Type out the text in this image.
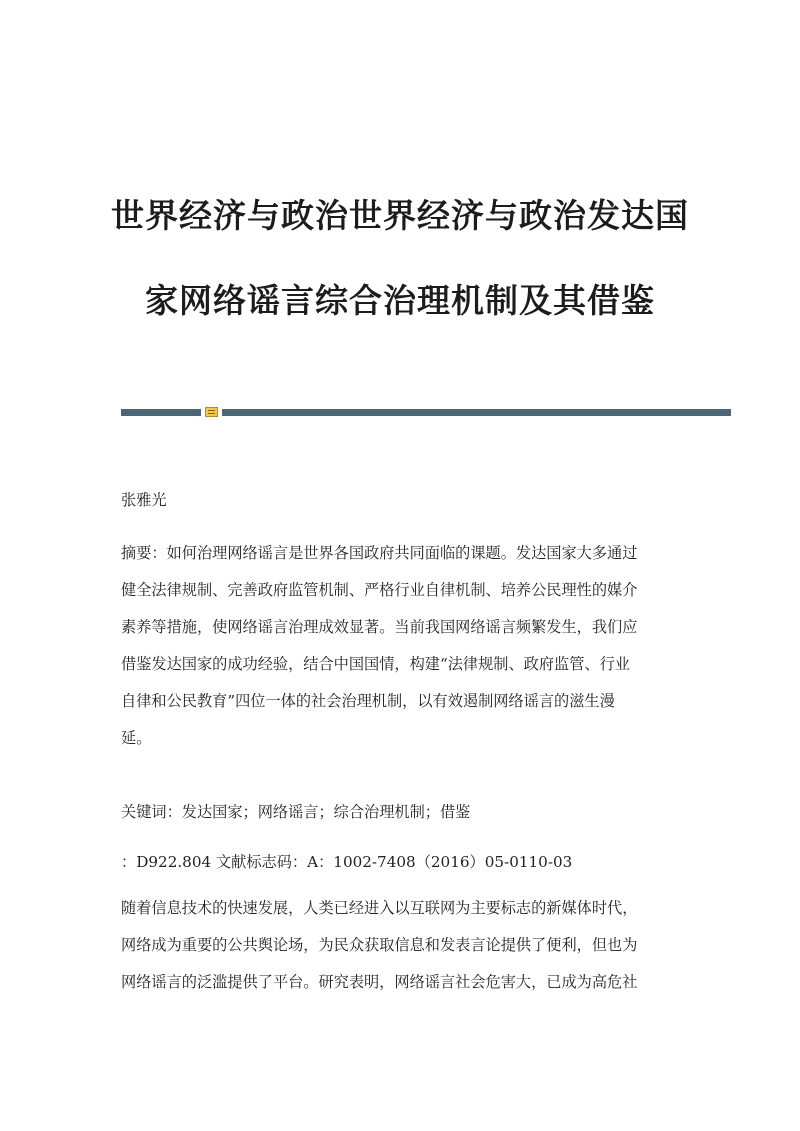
世界经济与政治世界经济与政治发达国
家网络谣言综合治理机制及其借鉴
张雅光
摘要：如何治理网络谣言是世界各国政府共同面临的课题。发达国家大多通过
健全法律规制、完善政府监管机制、严格行业自律机制、培养公民理性的媒介
素养等措施，使网络谣言治理成效显著。当前我国网络谣言频繁发生，我们应
借鉴发达国家的成功经验，结合中国国情，构建“法律规制、政府监管、行业
自律和公民教育”四位一体的社会治理机制，以有效遏制网络谣言的滋生漫
延。
关键词：发达国家；网络谣言；综合治理机制；借鉴
：D922.804 文献标志码：A：1002-7408（2016）05-0110-03
随着信息技术的快速发展，人类已经进入以互联网为主要标志的新媒体时代，
网络成为重要的公共舆论场，为民众获取信息和发表言论提供了便利，但也为
网络谣言的泛滥提供了平台。研究表明，网络谣言社会危害大，已成为高危社
